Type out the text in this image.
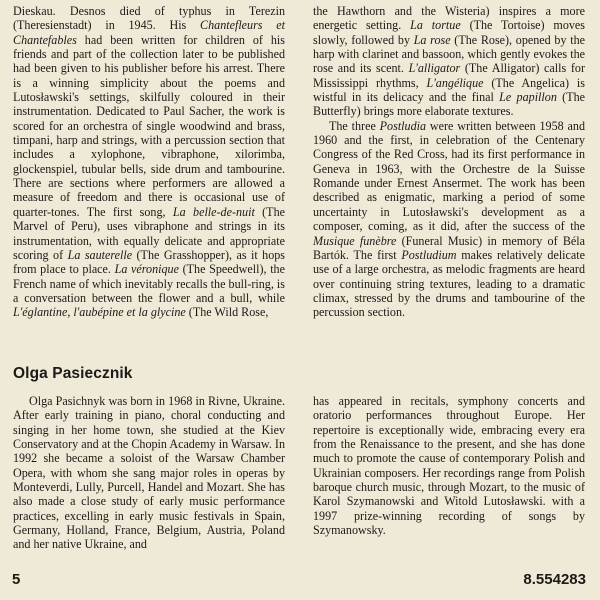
Dieskau. Desnos died of typhus in Terezin (Theresienstadt) in 1945. His Chantefleurs et Chantefables had been written for children of his friends and part of the collection later to be published had been given to his publisher before his arrest. There is a winning simplicity about the poems and Lutosławski's settings, skilfully coloured in their instrumentation. Dedicated to Paul Sacher, the work is scored for an orchestra of single woodwind and brass, timpani, harp and strings, with a percussion section that includes a xylophone, vibraphone, xilorimba, glockenspiel, tubular bells, side drum and tambourine. There are sections where performers are allowed a measure of freedom and there is occasional use of quarter-tones. The first song, La belle-de-nuit (The Marvel of Peru), uses vibraphone and strings in its instrumentation, with equally delicate and appropriate scoring of La sauterelle (The Grasshopper), as it hops from place to place. La véronique (The Speedwell), the French name of which inevitably recalls the bull-ring, is a conversation between the flower and a bull, while L'églantine, l'aubépine et la glycine (The Wild Rose,

the Hawthorn and the Wisteria) inspires a more energetic setting. La tortue (The Tortoise) moves slowly, followed by La rose (The Rose), opened by the harp with clarinet and bassoon, which gently evokes the rose and its scent. L'alligator (The Alligator) calls for Mississippi rhythms, L'angélique (The Angelica) is wistful in its delicacy and the final Le papillon (The Butterfly) brings more elaborate textures.

The three Postludia were written between 1958 and 1960 and the first, in celebration of the Centenary Congress of the Red Cross, had its first performance in Geneva in 1963, with the Orchestre de la Suisse Romande under Ernest Ansermet. The work has been described as enigmatic, marking a period of some uncertainty in Lutosławski's development as a composer, coming, as it did, after the success of the Musique funèbre (Funeral Music) in memory of Béla Bartók. The first Postludium makes relatively delicate use of a large orchestra, as melodic fragments are heard over continuing string textures, leading to a dramatic climax, stressed by the drums and tambourine of the percussion section.

Olga Pasiecznik

Olga Pasichnyk was born in 1968 in Rivne, Ukraine. After early training in piano, choral conducting and singing in her home town, she studied at the Kiev Conservatory and at the Chopin Academy in Warsaw. In 1992 she became a soloist of the Warsaw Chamber Opera, with whom she sang major roles in operas by Monteverdi, Lully, Purcell, Handel and Mozart. She has also made a close study of early music performance practices, excelling in early music festivals in Spain, Germany, Holland, France, Belgium, Austria, Poland and her native Ukraine, and

has appeared in recitals, symphony concerts and oratorio performances throughout Europe. Her repertoire is exceptionally wide, embracing every era from the Renaissance to the present, and she has done much to promote the cause of contemporary Polish and Ukrainian composers. Her recordings range from Polish baroque church music, through Mozart, to the music of Karol Szymanowski and Witold Lutosławski. with a 1997 prize-winning recording of songs by Szymanowsky.

5	8.554283
